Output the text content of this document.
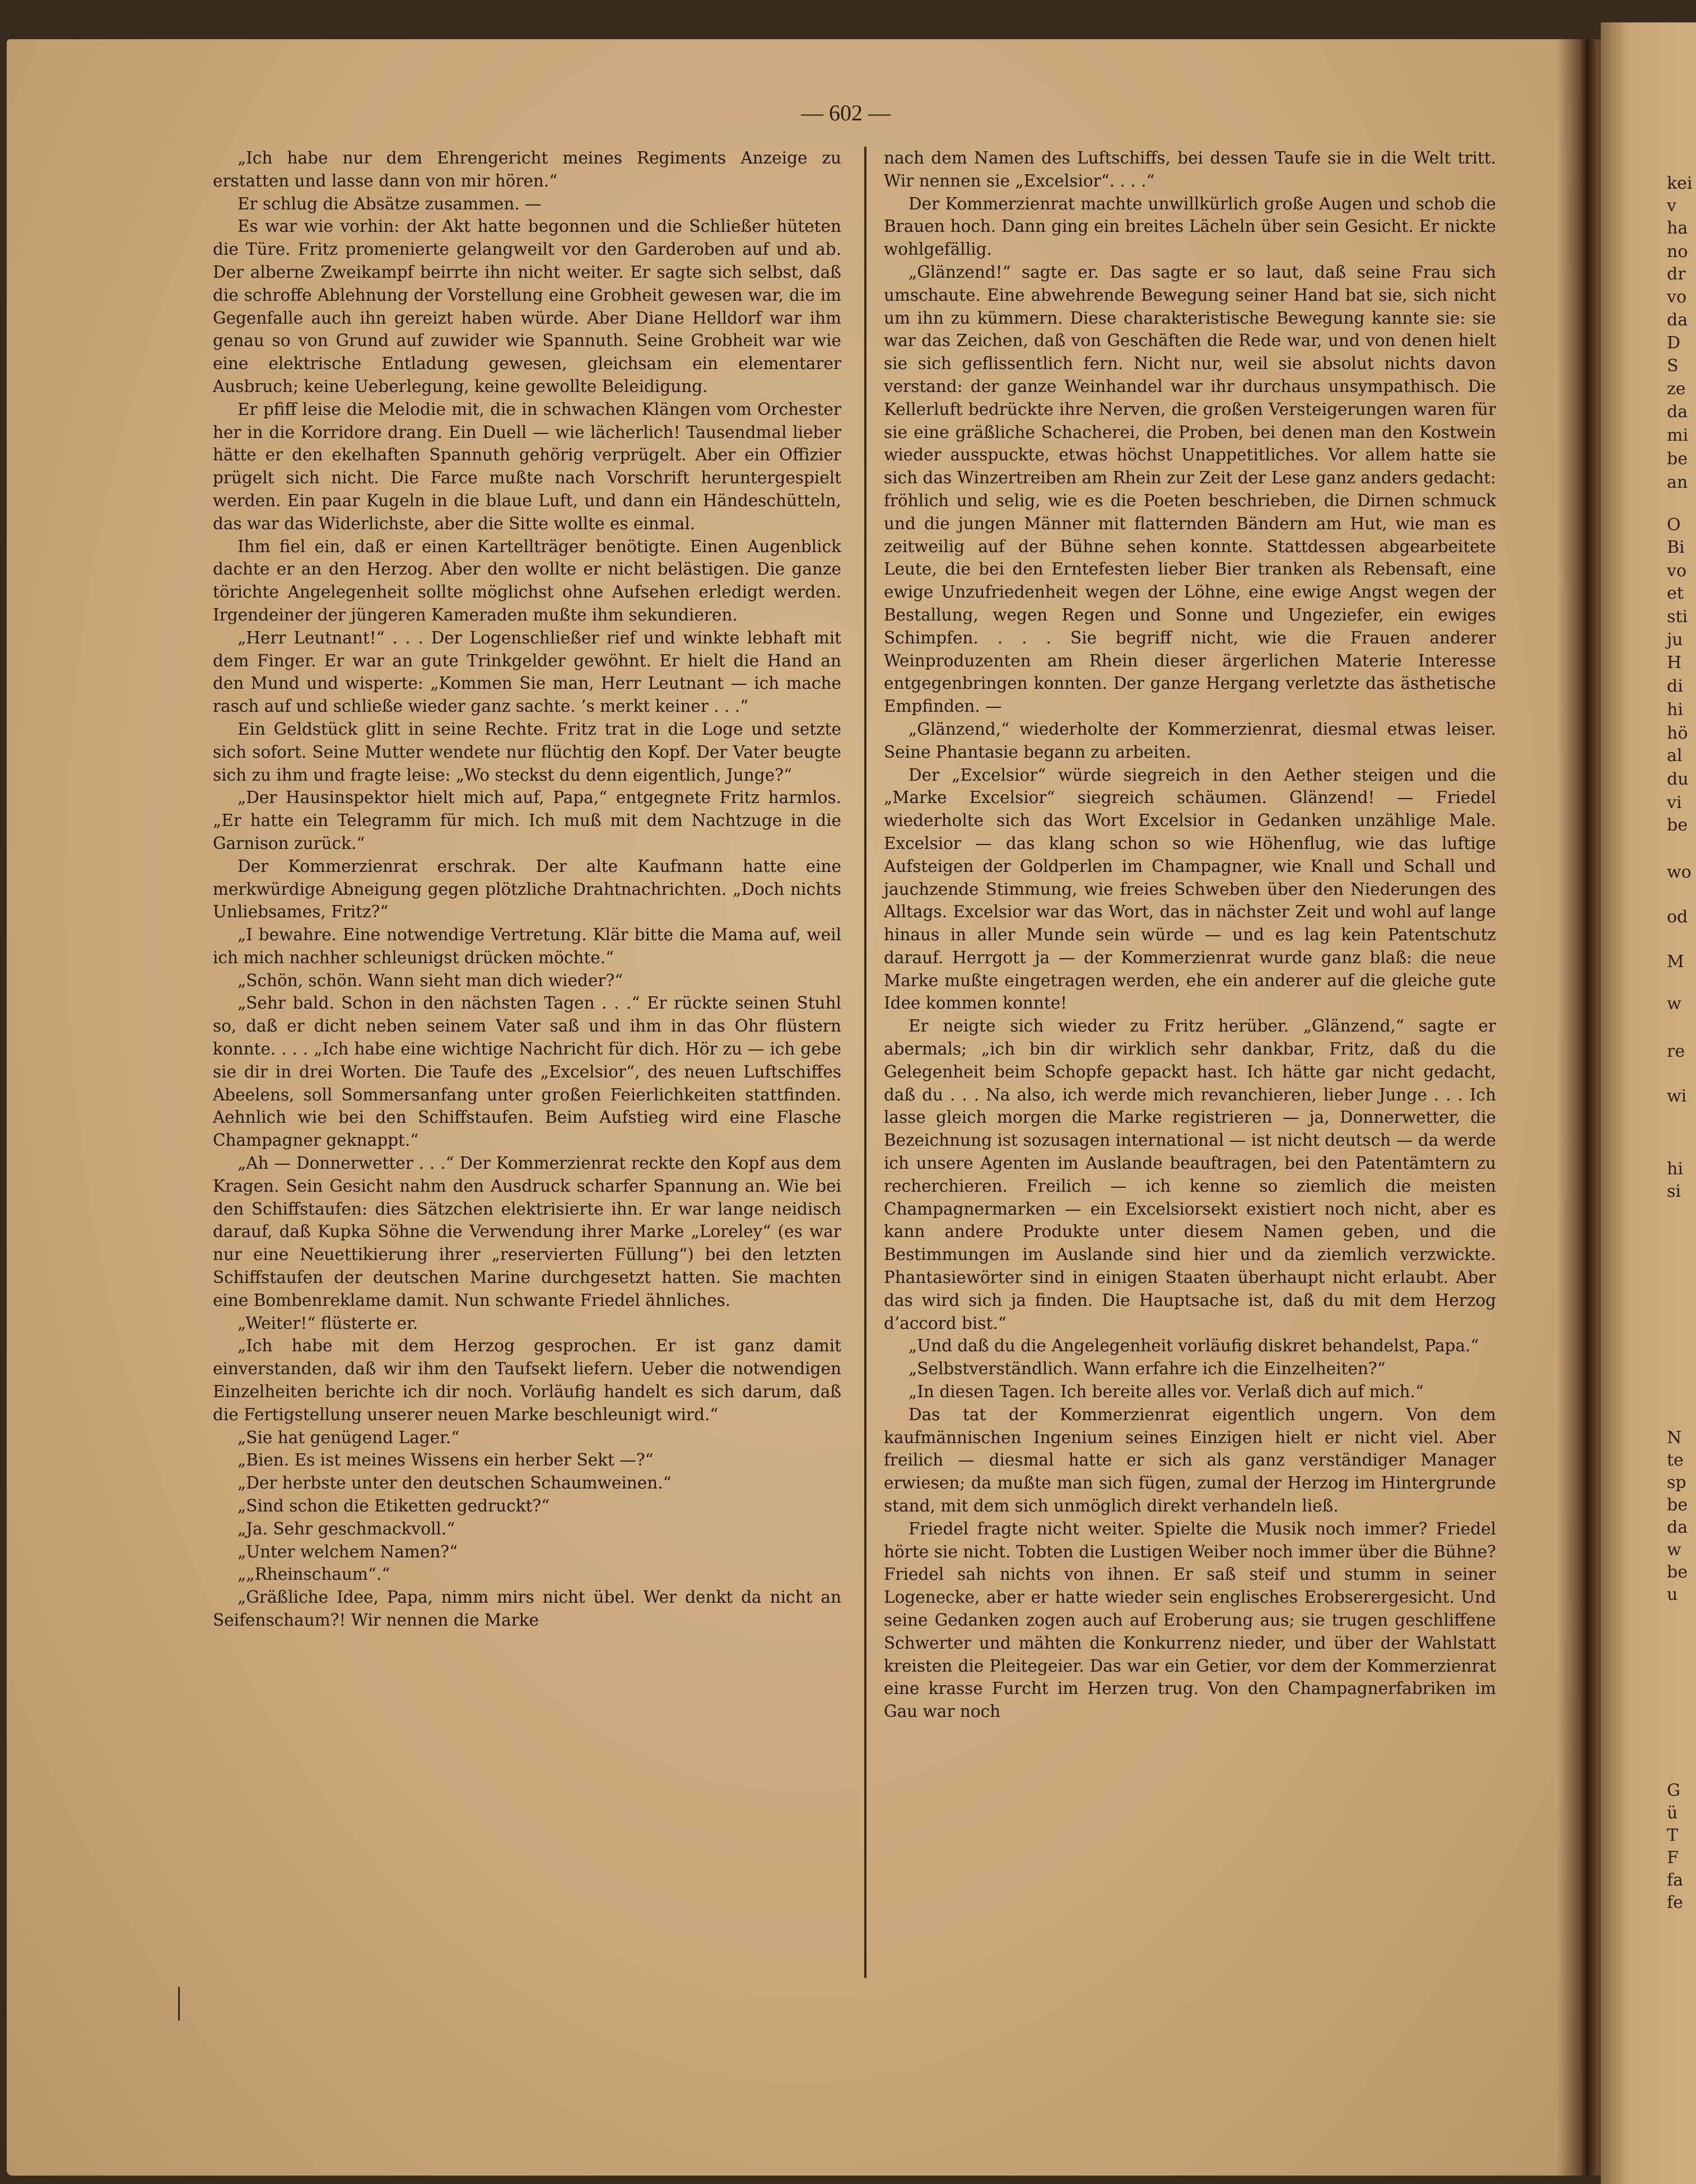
kei
v
ha
no
dr
vo
da
D
S
ze
da
mi
be
an
O
Bi
vo
et
sti
ju
H
di
hi
hö
al
du
vi
be
wo
od
M
w
re
wi
hi
si
N
te
sp
be
da
w
be
u
G
ü
T
F
fa
fe
— 602 —

„Ich habe nur dem Ehrengericht meines Regiments Anzeige zu erstatten und lasse dann von mir hören.“

Er schlug die Absätze zusammen. —

Es war wie vorhin: der Akt hatte begonnen und die Schließer hüteten die Türe. Fritz promenierte gelangweilt vor den Garderoben auf und ab. Der alberne Zweikampf beirrte ihn nicht weiter. Er sagte sich selbst, daß die schroffe Ablehnung der Vorstellung eine Grobheit gewesen war, die im Gegenfalle auch ihn gereizt haben würde. Aber Diane Helldorf war ihm genau so von Grund auf zuwider wie Spannuth. Seine Grobheit war wie eine elektrische Entladung gewesen, gleichsam ein elementarer Ausbruch; keine Ueberlegung, keine gewollte Beleidigung.

Er pfiff leise die Melodie mit, die in schwachen Klängen vom Orchester her in die Korridore drang. Ein Duell — wie lächerlich! Tausendmal lieber hätte er den ekelhaften Spannuth gehörig verprügelt. Aber ein Offizier prügelt sich nicht. Die Farce mußte nach Vorschrift heruntergespielt werden. Ein paar Kugeln in die blaue Luft, und dann ein Händeschütteln, das war das Widerlichste, aber die Sitte wollte es einmal.

Ihm fiel ein, daß er einen Kartellträger benötigte. Einen Augenblick dachte er an den Herzog. Aber den wollte er nicht belästigen. Die ganze törichte Angelegenheit sollte möglichst ohne Aufsehen erledigt werden. Irgendeiner der jüngeren Kameraden mußte ihm sekundieren.

„Herr Leutnant!“ . . . Der Logenschließer rief und winkte lebhaft mit dem Finger. Er war an gute Trinkgelder gewöhnt. Er hielt die Hand an den Mund und wisperte: „Kommen Sie man, Herr Leutnant — ich mache rasch auf und schließe wieder ganz sachte. ’s merkt keiner . . .“

Ein Geldstück glitt in seine Rechte. Fritz trat in die Loge und setzte sich sofort. Seine Mutter wendete nur flüchtig den Kopf. Der Vater beugte sich zu ihm und fragte leise: „Wo steckst du denn eigentlich, Junge?“

„Der Hausinspektor hielt mich auf, Papa,“ entgegnete Fritz harmlos. „Er hatte ein Telegramm für mich. Ich muß mit dem Nachtzuge in die Garnison zurück.“

Der Kommerzienrat erschrak. Der alte Kaufmann hatte eine merkwürdige Abneigung gegen plötzliche Drahtnachrichten. „Doch nichts Unliebsames, Fritz?“

„I bewahre. Eine notwendige Vertretung. Klär bitte die Mama auf, weil ich mich nachher schleunigst drücken möchte.“

„Schön, schön. Wann sieht man dich wieder?“

„Sehr bald. Schon in den nächsten Tagen . . .“ Er rückte seinen Stuhl so, daß er dicht neben seinem Vater saß und ihm in das Ohr flüstern konnte. . . . „Ich habe eine wichtige Nachricht für dich. Hör zu — ich gebe sie dir in drei Worten. Die Taufe des „Excelsior“, des neuen Luftschiffes Abeelens, soll Sommersanfang unter großen Feierlichkeiten stattfinden. Aehnlich wie bei den Schiffstaufen. Beim Aufstieg wird eine Flasche Champagner geknappt.“

„Ah — Donnerwetter . . .“ Der Kommerzienrat reckte den Kopf aus dem Kragen. Sein Gesicht nahm den Ausdruck scharfer Spannung an. Wie bei den Schiffstaufen: dies Sätzchen elektrisierte ihn. Er war lange neidisch darauf, daß Kupka Söhne die Verwendung ihrer Marke „Loreley“ (es war nur eine Neuettikierung ihrer „reservierten Füllung“) bei den letzten Schiffstaufen der deutschen Marine durchgesetzt hatten. Sie machten eine Bombenreklame damit. Nun schwante Friedel ähnliches.

„Weiter!“ flüsterte er.

„Ich habe mit dem Herzog gesprochen. Er ist ganz damit einverstanden, daß wir ihm den Taufsekt liefern. Ueber die notwendigen Einzelheiten berichte ich dir noch. Vorläufig handelt es sich darum, daß die Fertigstellung unserer neuen Marke beschleunigt wird.“

„Sie hat genügend Lager.“

„Bien. Es ist meines Wissens ein herber Sekt —?“

„Der herbste unter den deutschen Schaumweinen.“

„Sind schon die Etiketten gedruckt?“

„Ja. Sehr geschmackvoll.“

„Unter welchem Namen?“

„„Rheinschaum“.“

„Gräßliche Idee, Papa, nimm mirs nicht übel. Wer denkt da nicht an Seifenschaum?! Wir nennen die Marke

nach dem Namen des Luftschiffs, bei dessen Taufe sie in die Welt tritt. Wir nennen sie „Excelsior“. . . .“

Der Kommerzienrat machte unwillkürlich große Augen und schob die Brauen hoch. Dann ging ein breites Lächeln über sein Gesicht. Er nickte wohlgefällig.

„Glänzend!“ sagte er. Das sagte er so laut, daß seine Frau sich umschaute. Eine abwehrende Bewegung seiner Hand bat sie, sich nicht um ihn zu kümmern. Diese charakteristische Bewegung kannte sie: sie war das Zeichen, daß von Geschäften die Rede war, und von denen hielt sie sich geflissentlich fern. Nicht nur, weil sie absolut nichts davon verstand: der ganze Weinhandel war ihr durchaus unsympathisch. Die Kellerluft bedrückte ihre Nerven, die großen Versteigerungen waren für sie eine gräßliche Schacherei, die Proben, bei denen man den Kostwein wieder ausspuckte, etwas höchst Unappetitliches. Vor allem hatte sie sich das Winzertreiben am Rhein zur Zeit der Lese ganz anders gedacht: fröhlich und selig, wie es die Poeten beschrieben, die Dirnen schmuck und die jungen Männer mit flatternden Bändern am Hut, wie man es zeitweilig auf der Bühne sehen konnte. Stattdessen abgearbeitete Leute, die bei den Erntefesten lieber Bier tranken als Rebensaft, eine ewige Unzufriedenheit wegen der Löhne, eine ewige Angst wegen der Bestallung, wegen Regen und Sonne und Ungeziefer, ein ewiges Schimpfen. . . . Sie begriff nicht, wie die Frauen anderer Weinproduzenten am Rhein dieser ärgerlichen Materie Interesse entgegenbringen konnten. Der ganze Hergang verletzte das ästhetische Empfinden. —

„Glänzend,“ wiederholte der Kommerzienrat, diesmal etwas leiser. Seine Phantasie begann zu arbeiten.

Der „Excelsior“ würde siegreich in den Aether steigen und die „Marke Excelsior“ siegreich schäumen. Glänzend! — Friedel wiederholte sich das Wort Excelsior in Gedanken unzählige Male. Excelsior — das klang schon so wie Höhenflug, wie das luftige Aufsteigen der Goldperlen im Champagner, wie Knall und Schall und jauchzende Stimmung, wie freies Schweben über den Niederungen des Alltags. Excelsior war das Wort, das in nächster Zeit und wohl auf lange hinaus in aller Munde sein würde — und es lag kein Patentschutz darauf. Herrgott ja — der Kommerzienrat wurde ganz blaß: die neue Marke mußte eingetragen werden, ehe ein anderer auf die gleiche gute Idee kommen konnte!

Er neigte sich wieder zu Fritz herüber. „Glänzend,“ sagte er abermals; „ich bin dir wirklich sehr dankbar, Fritz, daß du die Gelegenheit beim Schopfe gepackt hast. Ich hätte gar nicht gedacht, daß du . . . Na also, ich werde mich revanchieren, lieber Junge . . . Ich lasse gleich morgen die Marke registrieren — ja, Donnerwetter, die Bezeichnung ist sozusagen international — ist nicht deutsch — da werde ich unsere Agenten im Auslande beauftragen, bei den Patentämtern zu recherchieren. Freilich — ich kenne so ziemlich die meisten Champagnermarken — ein Excelsiorsekt existiert noch nicht, aber es kann andere Produkte unter diesem Namen geben, und die Bestimmungen im Auslande sind hier und da ziemlich verzwickte. Phantasiewörter sind in einigen Staaten überhaupt nicht erlaubt. Aber das wird sich ja finden. Die Hauptsache ist, daß du mit dem Herzog d’accord bist.“

„Und daß du die Angelegenheit vorläufig diskret behandelst, Papa.“

„Selbstverständlich. Wann erfahre ich die Einzelheiten?“

„In diesen Tagen. Ich bereite alles vor. Verlaß dich auf mich.“

Das tat der Kommerzienrat eigentlich ungern. Von dem kaufmännischen Ingenium seines Einzigen hielt er nicht viel. Aber freilich — diesmal hatte er sich als ganz verständiger Manager erwiesen; da mußte man sich fügen, zumal der Herzog im Hintergrunde stand, mit dem sich unmöglich direkt verhandeln ließ.

Friedel fragte nicht weiter. Spielte die Musik noch immer? Friedel hörte sie nicht. Tobten die Lustigen Weiber noch immer über die Bühne? Friedel sah nichts von ihnen. Er saß steif und stumm in seiner Logenecke, aber er hatte wieder sein englisches Erobserergesicht. Und seine Gedanken zogen auch auf Eroberung aus; sie trugen geschliffene Schwerter und mähten die Konkurrenz nieder, und über der Wahlstatt kreisten die Pleitegeier. Das war ein Getier, vor dem der Kommerzienrat eine krasse Furcht im Herzen trug. Von den Champagnerfabriken im Gau war noch
